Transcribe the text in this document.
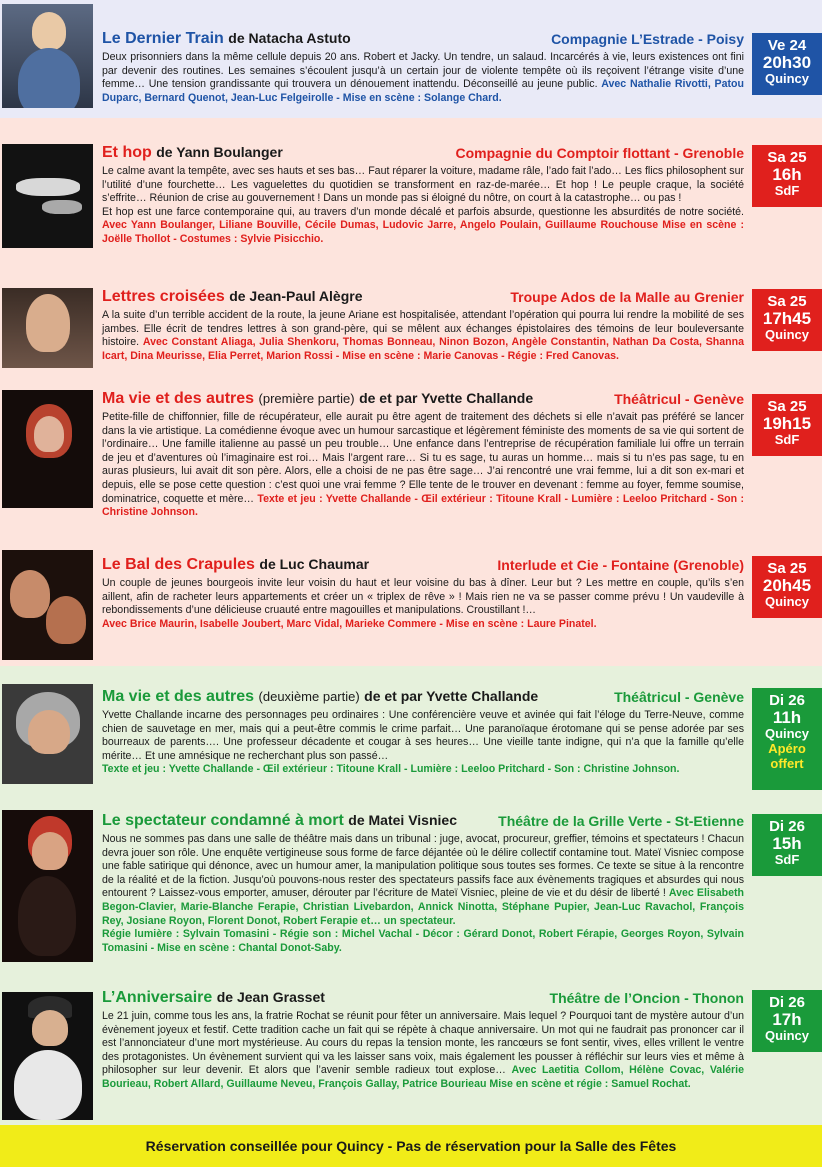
Le Dernier Train de Natacha Astuto	Compagnie L’Estrade - Poisy
Deux prisonniers dans la même cellule depuis 20 ans. Robert et Jacky. Un tendre, un salaud. Incarcérés à vie, leurs existences ont fini par devenir des routines. Les semaines s’écoulent jusqu’à un certain jour de violente tempête où ils reçoivent l’étrange visite d’une femme… Une tension grandissante qui trouvera un dénouement inattendu. Déconseillé au jeune public. Avec Nathalie Rivotti, Patou Duparc, Bernard Quenot, Jean-Luc Felgeirolle - Mise en scène : Solange Chard.
Ve 24
20h30
Quincy
Et hop de Yann Boulanger	Compagnie du Comptoir flottant - Grenoble
Le calme avant la tempête, avec ses hauts et ses bas… Faut réparer la voiture, madame râle, l’ado fait l’ado… Les flics philosophent sur l’utilité d’une fourchette… Les vaguelettes du quotidien se transforment en raz-de-marée… Et hop ! Le peuple craque, la société s’effrite… Réunion de crise au gouvernement ! Dans un monde pas si éloigné du nôtre, on court à la catastrophe… ou pas !
Et hop est une farce contemporaine qui, au travers d’un monde décalé et parfois absurde, questionne les absurdités de notre société. Avec Yann Boulanger, Liliane Bouville, Cécile Dumas, Ludovic Jarre, Angelo Poulain, Guillaume Rouchouse Mise en scène : Joëlle Thollot - Costumes : Sylvie Pisicchio.
Sa 25
16h
SdF
Lettres croisées de Jean-Paul Alègre	Troupe Ados de la Malle au Grenier
A la suite d’un terrible accident de la route, la jeune Ariane est hospitalisée, attendant l’opération qui pourra lui rendre la mobilité de ses jambes. Elle écrit de tendres lettres à son grand-père, qui se mêlent aux échanges épistolaires des témoins de leur bouleversante histoire. Avec Constant Aliaga, Julia Shenkoru, Thomas Bonneau, Ninon Bozon, Angèle Constantin, Nathan Da Costa, Shanna Icart, Dina Meurisse, Elia Perret, Marion Rossi - Mise en scène : Marie Canovas - Régie : Fred Canovas.
Sa 25
17h45
Quincy
Ma vie et des autres (première partie) de et par Yvette Challande	Théâtricul - Genève
Petite-fille de chiffonnier, fille de récupérateur, elle aurait pu être agent de traitement des déchets si elle n’avait pas préféré se lancer dans la vie artistique. La comédienne évoque avec un humour sarcastique et légèrement féministe des moments de sa vie qui sortent de l’ordinaire… Une famille italienne au passé un peu trouble… Une enfance dans l’entreprise de récupération familiale lui offre un terrain de jeu et d’aventures où l’imaginaire est roi… Mais l’argent rare… Si tu es sage, tu auras un homme… mais si tu n’es pas sage, tu en auras plusieurs, lui avait dit son père. Alors, elle a choisi de ne pas être sage… J’ai rencontré une vrai femme, lui a dit son ex-mari et depuis, elle se pose cette question : c’est quoi une vrai femme ? Elle tente de le trouver en devenant : femme au foyer, femme soumise, dominatrice, coquette et mère… Texte et jeu : Yvette Challande - Œil extérieur : Titoune Krall - Lumière : Leeloo Pritchard - Son : Christine Johnson.
Sa 25
19h15
SdF
Le Bal des Crapules de Luc Chaumar	Interlude et Cie - Fontaine (Grenoble)
Un couple de jeunes bourgeois invite leur voisin du haut et leur voisine du bas à dîner. Leur but ? Les mettre en couple, qu’ils s’en aillent, afin de racheter leurs appartements et créer un « triplex de rêve » ! Mais rien ne va se passer comme prévu ! Un vaudeville à rebondissements d’une délicieuse cruauté entre magouilles et manipulations. Croustillant !…
Avec Brice Maurin, Isabelle Joubert, Marc Vidal, Marieke Commere - Mise en scène : Laure Pinatel.
Sa 25
20h45
Quincy
Ma vie et des autres (deuxième partie) de et par Yvette Challande	Théâtricul - Genève
Yvette Challande incarne des personnages peu ordinaires : Une conférencière veuve et avinée qui fait l’éloge du Terre-Neuve, comme chien de sauvetage en mer, mais qui a peut-être commis le crime parfait… Une paranoïaque érotomane qui se pense adorée par ses bourreaux de parents…. Une professeur décadente et cougar à ses heures… Une vieille tante indigne, qui n’a que la famille qu’elle mérite… Et une amnésique ne recherchant plus son passé…
Texte et jeu : Yvette Challande - Œil extérieur : Titoune Krall - Lumière : Leeloo Pritchard - Son : Christine Johnson.
Di 26
11h
Quincy
Apéro offert
Le spectateur condamné à mort de Matei Visniec	Théâtre de la Grille Verte - St-Etienne
Nous ne sommes pas dans une salle de théâtre mais dans un tribunal : juge, avocat, procureur, greffier, témoins et spectateurs ! Chacun devra jouer son rôle. Une enquête vertigineuse sous forme de farce déjantée où le délire collectif contamine tout. Mateï Visniec compose une fable satirique qui dénonce, avec un humour amer, la manipulation politique sous toutes ses formes. Ce texte se situe à la rencontre de la réalité et de la fiction. Jusqu’où pouvons-nous rester des spectateurs passifs face aux évènements tragiques et absurdes qui nous entourent ? Laissez-vous emporter, amuser, dérouter par l’écriture de Mateï Visniec, pleine de vie et du désir de liberté ! Avec Elisabeth Begon-Clavier, Marie-Blanche Ferapie, Christian Livebardon, Annick Ninotta, Stéphane Pupier, Jean-Luc Ravachol, François Rey, Josiane Royon, Florent Donot, Robert Ferapie et… un spectateur.
Régie lumière : Sylvain Tomasini - Régie son : Michel Vachal - Décor : Gérard Donot, Robert Férapie, Georges Royon, Sylvain Tomasini - Mise en scène : Chantal Donot-Saby.
Di 26
15h
SdF
L’Anniversaire de Jean Grasset	Théâtre de l’Oncion - Thonon
Le 21 juin, comme tous les ans, la fratrie Rochat se réunit pour fêter un anniversaire. Mais lequel ? Pourquoi tant de mystère autour d’un évènement joyeux et festif. Cette tradition cache un fait qui se répète à chaque anniversaire. Un mot qui ne faudrait pas prononcer car il est l’annonciateur d’une mort mystérieuse. Au cours du repas la tension monte, les rancœurs se font sentir, vives, elles vrillent le ventre des protagonistes. Un évènement survient qui va les laisser sans voix, mais également les pousser à réfléchir sur leurs vies et même à philosopher sur leur devenir. Et alors que l’avenir semble radieux tout explose… Avec Laetitia Collom, Hélène Covac, Valérie Bourieau, Robert Allard, Guillaume Neveu, François Gallay, Patrice Bourieau Mise en scène et régie : Samuel Rochat.
Di 26
17h
Quincy
Réservation conseillée pour Quincy - Pas de réservation pour la Salle des Fêtes
